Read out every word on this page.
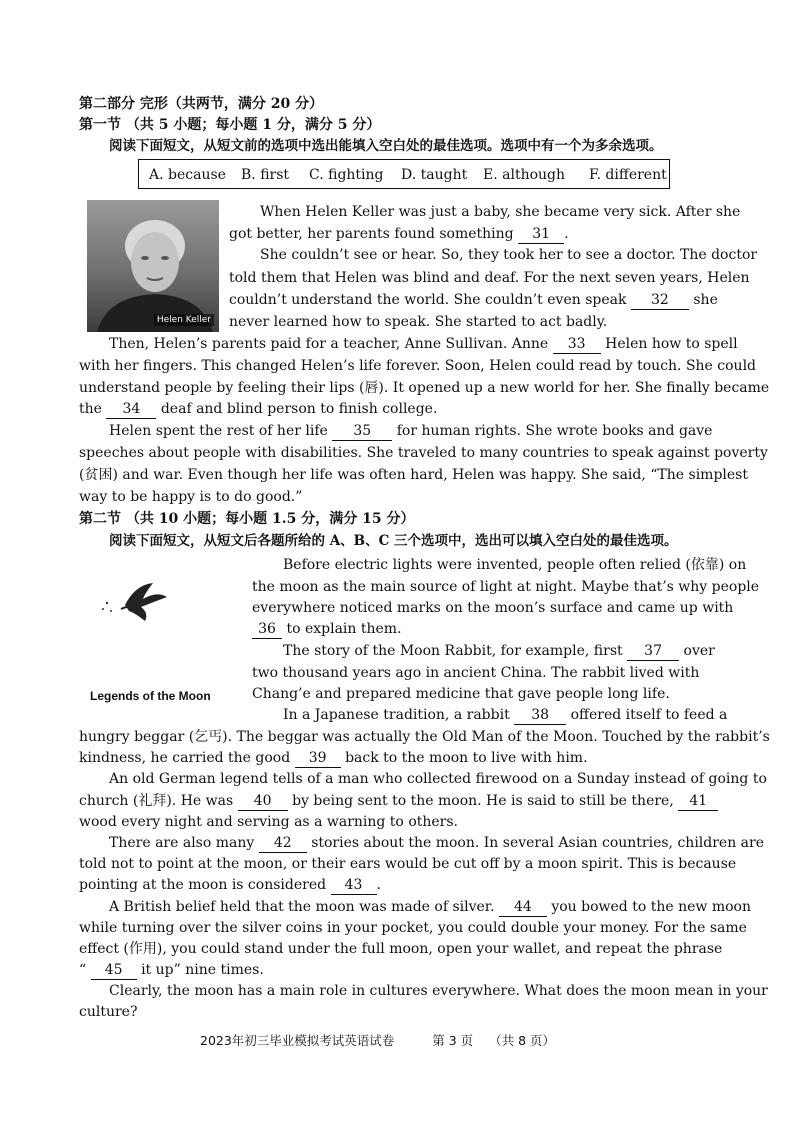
第二部分 完形（共两节，满分 20 分）
第一节 （共 5 小题；每小题 1 分，满分 5 分）
阅读下面短文，从短文前的选项中选出能填入空白处的最佳选项。选项中有一个为多余选项。
A. because B. first C. fighting D. taught E. although F. different
Helen Keller
When Helen Keller was just a baby, she became very sick. After she
got better, her parents found something 31 .
She couldn’t see or hear. So, they took her to see a doctor. The doctor
told them that Helen was blind and deaf. For the next seven years, Helen
couldn’t understand the world. She couldn’t even speak 32 she
never learned how to speak. She started to act badly.
Then, Helen’s parents paid for a teacher, Anne Sullivan. Anne 33 Helen how to spell
with her fingers. This changed Helen’s life forever. Soon, Helen could read by touch. She could
understand people by feeling their lips (唇). It opened up a new world for her. She finally became
the 34 deaf and blind person to finish college.
Helen spent the rest of her life 35 for human rights. She wrote books and gave
speeches about people with disabilities. She traveled to many countries to speak against poverty
(贫困) and war. Even though her life was often hard, Helen was happy. She said, “The simplest
way to be happy is to do good.”
第二节 （共 10 小题；每小题 1.5 分，满分 15 分）
阅读下面短文，从短文后各题所给的 A、B、C 三个选项中，选出可以填入空白处的最佳选项。
Legends of the Moon
Before electric lights were invented, people often relied (依靠) on
the moon as the main source of light at night. Maybe that’s why people
everywhere noticed marks on the moon’s surface and came up with
36 to explain them.
The story of the Moon Rabbit, for example, first 37 over
two thousand years ago in ancient China. The rabbit lived with
Chang’e and prepared medicine that gave people long life.
In a Japanese tradition, a rabbit 38 offered itself to feed a
hungry beggar (乞丐). The beggar was actually the Old Man of the Moon. Touched by the rabbit’s
kindness, he carried the good 39 back to the moon to live with him.
An old German legend tells of a man who collected firewood on a Sunday instead of going to
church (礼拜). He was 40 by being sent to the moon. He is said to still be there, 41
wood every night and serving as a warning to others.
There are also many 42 stories about the moon. In several Asian countries, children are
told not to point at the moon, or their ears would be cut off by a moon spirit. This is because
pointing at the moon is considered 43 .
A British belief held that the moon was made of silver. 44 you bowed to the new moon
while turning over the silver coins in your pocket, you could double your money. For the same
effect (作用), you could stand under the full moon, open your wallet, and repeat the phrase
“ 45 it up” nine times.
Clearly, the moon has a main role in cultures everywhere. What does the moon mean in your
culture?
2023年初三毕业模拟考试英语试卷	第 3 页 （共 8 页）
